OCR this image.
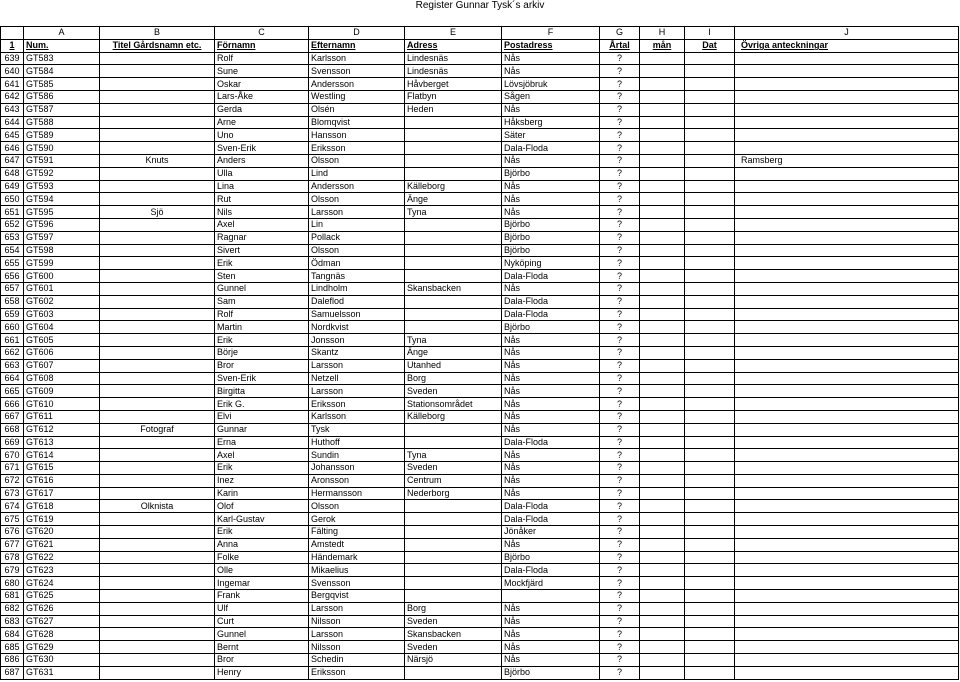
Register Gunnar Tysk´s arkiv
	A	B	C	D	E	F	G	H	I	J
1	Num.	Titel Gårdsnamn etc.	Förnamn	Efternamn	Adress	Postadress	Årtal	mån	Dat	Övriga anteckningar
639	GT583		Rolf	Karlsson	Lindesnäs	Nås	?			
640	GT584		Sune	Svensson	Lindesnäs	Nås	?			
641	GT585		Oskar	Andersson	Håvberget	Lövsjöbruk	?			
642	GT586		Lars-Åke	Westling	Flatbyn	Sågen	?			
643	GT587		Gerda	Olsén	Heden	Nås	?			
644	GT588		Arne	Blomqvist		Håksberg	?			
645	GT589		Uno	Hansson		Säter	?			
646	GT590		Sven-Erik	Eriksson		Dala-Floda	?			
647	GT591	Knuts	Anders	Olsson		Nås	?			Ramsberg
648	GT592		Ulla	Lind		Björbo	?			
649	GT593		Lina	Andersson	Källeborg	Nås	?			
650	GT594		Rut	Olsson	Änge	Nås	?			
651	GT595	Sjö	Nils	Larsson	Tyna	Nås	?			
652	GT596		Axel	Lin		Björbo	?			
653	GT597		Ragnar	Pollack		Björbo	?			
654	GT598		Sivert	Olsson		Björbo	?			
655	GT599		Erik	Ödman		Nyköping	?			
656	GT600		Sten	Tangnäs		Dala-Floda	?			
657	GT601		Gunnel	Lindholm	Skansbacken	Nås	?			
658	GT602		Sam	Daleflod		Dala-Floda	?			
659	GT603		Rolf	Samuelsson		Dala-Floda	?			
660	GT604		Martin	Nordkvist		Björbo	?			
661	GT605		Erik	Jonsson	Tyna	Nås	?			
662	GT606		Börje	Skantz	Änge	Nås	?			
663	GT607		Bror	Larsson	Utanhed	Nås	?			
664	GT608		Sven-Erik	Netzell	Borg	Nås	?			
665	GT609		Birgitta	Larsson	Sveden	Nås	?			
666	GT610		Erik G.	Eriksson	Stationsområdet	Nås	?			
667	GT611		Elvi	Karlsson	Källeborg	Nås	?			
668	GT612	Fotograf	Gunnar	Tysk		Nås	?			
669	GT613		Erna	Huthoff		Dala-Floda	?			
670	GT614		Axel	Sundin	Tyna	Nås	?			
671	GT615		Erik	Johansson	Sveden	Nås	?			
672	GT616		Inez	Aronsson	Centrum	Nås	?			
673	GT617		Karin	Hermansson	Nederborg	Nås	?			
674	GT618	Olknista	Olof	Olsson		Dala-Floda	?			
675	GT619		Karl-Gustav	Gerok		Dala-Floda	?			
676	GT620		Erik	Fälting		Jönåker	?			
677	GT621		Anna	Amstedt		Nås	?			
678	GT622		Folke	Händemark		Björbo	?			
679	GT623		Olle	Mikaelius		Dala-Floda	?			
680	GT624		Ingemar	Svensson		Mockfjärd	?			
681	GT625		Frank	Bergqvist			?			
682	GT626		Ulf	Larsson	Borg	Nås	?			
683	GT627		Curt	Nilsson	Sveden	Nås	?			
684	GT628		Gunnel	Larsson	Skansbacken	Nås	?			
685	GT629		Bernt	Nilsson	Sveden	Nås	?			
686	GT630		Bror	Schedin	Närsjö	Nås	?			
687	GT631		Henry	Eriksson		Björbo	?			
